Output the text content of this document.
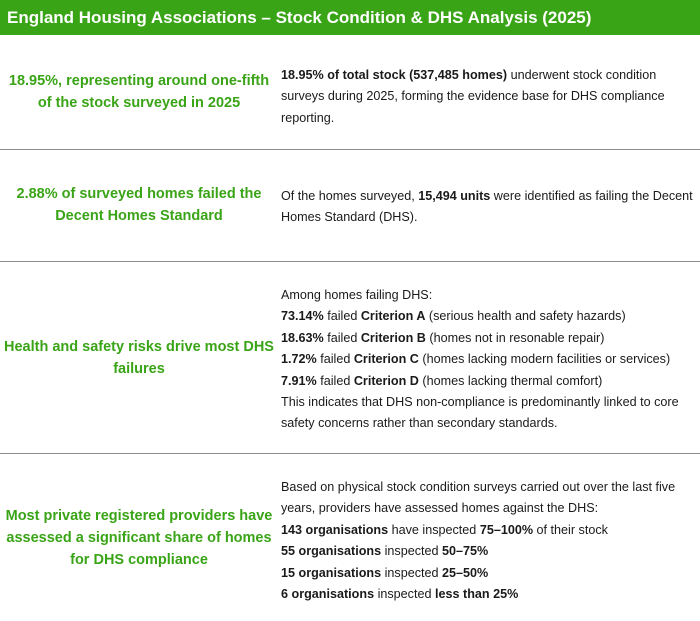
England Housing Associations – Stock Condition & DHS Analysis (2025)
18.95%, representing around one-fifth of the stock surveyed in 2025

18.95% of total stock (537,485 homes) underwent stock condition surveys during 2025, forming the evidence base for DHS compliance reporting.

2.88% of surveyed homes failed the Decent Homes Standard

Of the homes surveyed, 15,494 units were identified as failing the Decent Homes Standard (DHS).

Health and safety risks drive most DHS failures

Among homes failing DHS:

73.14% failed Criterion A (serious health and safety hazards)

18.63% failed Criterion B (homes not in resonable repair)

1.72% failed Criterion C (homes lacking modern facilities or services)

7.91% failed Criterion D (homes lacking thermal comfort)

This indicates that DHS non-compliance is predominantly linked to core safety concerns rather than secondary standards.

Most private registered providers have assessed a significant share of homes for DHS compliance

Based on physical stock condition surveys carried out over the last five years, providers have assessed homes against the DHS:

143 organisations have inspected 75–100% of their stock

55 organisations inspected 50–75%

15 organisations inspected 25–50%

6 organisations inspected less than 25%
